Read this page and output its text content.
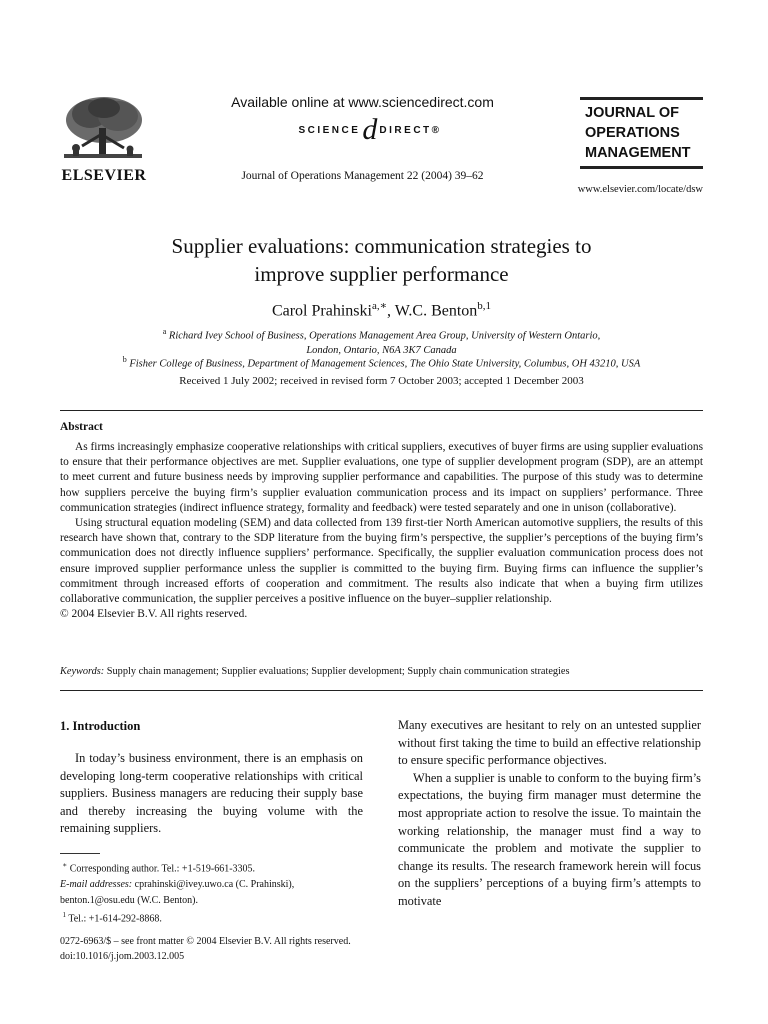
ELSEVIER
Available online at www.sciencedirect.com
SCIENCE d DIRECT®
Journal of Operations Management 22 (2004) 39–62
JOURNAL OF
OPERATIONS
MANAGEMENT
www.elsevier.com/locate/dsw
Supplier evaluations: communication strategies to
improve supplier performance
Carol Prahinski$^{a,∗}$, W.C. Benton$^{b,1}$
$^a$ Richard Ivey School of Business, Operations Management Area Group, University of Western Ontario,
London, Ontario, N6A 3K7 Canada
$^b$ Fisher College of Business, Department of Management Sciences, The Ohio State University, Columbus, OH 43210, USA
Received 1 July 2002; received in revised form 7 October 2003; accepted 1 December 2003
Abstract

As firms increasingly emphasize cooperative relationships with critical suppliers, executives of buyer firms are using supplier evaluations to ensure that their performance objectives are met. Supplier evaluations, one type of supplier development program (SDP), are an attempt to meet current and future business needs by improving supplier performance and capabilities. The purpose of this study was to determine how suppliers perceive the buying firm’s supplier evaluation communication process and its impact on suppliers’ performance. Three communication strategies (indirect influence strategy, formality and feedback) were tested separately and one in unison (collaborative).

Using structural equation modeling (SEM) and data collected from 139 first-tier North American automotive suppliers, the results of this research have shown that, contrary to the SDP literature from the buying firm’s perspective, the supplier’s perceptions of the buying firm’s communication does not directly influence suppliers’ performance. Specifically, the supplier evaluation communication process does not ensure improved supplier performance unless the supplier is committed to the buying firm. Buying firms can influence the supplier’s commitment through increased efforts of cooperation and commitment. The results also indicate that when a buying firm utilizes collaborative communication, the supplier perceives a positive influence on the buyer–supplier relationship.

© 2004 Elsevier B.V. All rights reserved.

Keywords: Supply chain management; Supplier evaluations; Supplier development; Supply chain communication strategies
1. Introduction

In today’s business environment, there is an emphasis on developing long-term cooperative relationships with critical suppliers. Business managers are reducing their supply base and thereby increasing the buying volume with the remaining suppliers.

Many executives are hesitant to rely on an untested supplier without first taking the time to build an effective relationship to ensure specific performance objectives.

When a supplier is unable to conform to the buying firm’s expectations, the buying firm manager must determine the most appropriate action to resolve the issue. To maintain the working relationship, the manager must find a way to communicate the problem and motivate the supplier to change its results. The research framework herein will focus on the suppliers’ perceptions of a buying firm’s attempts to motivate

∗ Corresponding author. Tel.: +1-519-661-3305.
E-mail addresses: cprahinski@ivey.uwo.ca (C. Prahinski),
benton.1@osu.edu (W.C. Benton).
$^1$ Tel.: +1-614-292-8868.
0272-6963/$ – see front matter © 2004 Elsevier B.V. All rights reserved.
doi:10.1016/j.jom.2003.12.005
